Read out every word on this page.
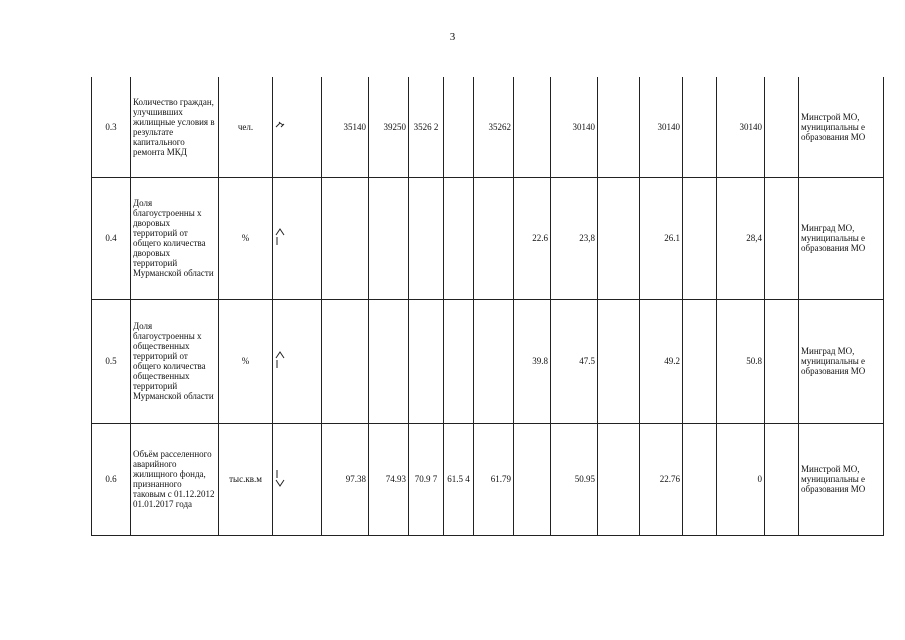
3
0.3	Количество граждан, улучшивших жилищные условия в результате капитального ремонта МКД	чел.		35140	39250	3526 2		35262		30140		30140		30140		Минстрой МО, муниципальны е образования МО
0.4	Доля благоустроенны х дворовых территорий от общего количества дворовых территорий Мурманской области	%							22.6	23,8		26.1		28,4		Минград МО, муниципальны е образования МО
0.5	Доля благоустроенны х общественных территорий от общего количества общественных территорий Мурманской области	%							39.8	47.5		49.2		50.8		Минград МО, муниципальны е образования МО
0.6	Объём расселенного аварийного жилищного фонда, признанного таковым с 01.12.2012 01.01.2017 года	тыс.кв.м		97.38	74.93	70.9 7	61.5 4	61.79		50.95		22.76		0		Минстрой МО, муниципальны е образования МО
